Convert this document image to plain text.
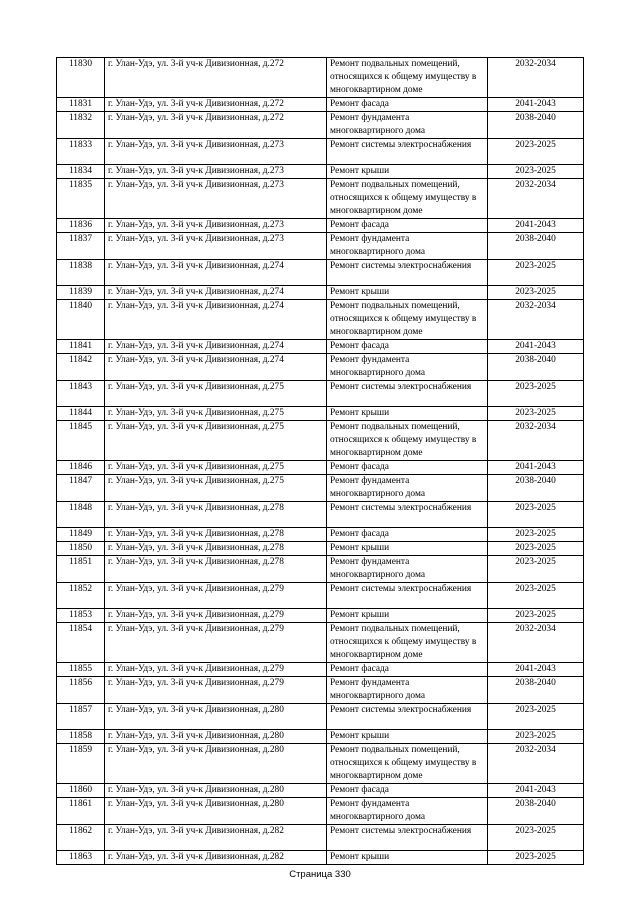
11830	г. Улан-Удэ, ул. 3-й уч-к Дивизионная, д.272	Ремонт подвальных помещений, относящихся к общему имуществу в многоквартирном доме	2032-2034
11831	г. Улан-Удэ, ул. 3-й уч-к Дивизионная, д.272	Ремонт фасада	2041-2043
11832	г. Улан-Удэ, ул. 3-й уч-к Дивизионная, д.272	Ремонт фундамента многоквартирного дома	2038-2040
11833	г. Улан-Удэ, ул. 3-й уч-к Дивизионная, д.273	Ремонт системы электроснабжения	2023-2025
11834	г. Улан-Удэ, ул. 3-й уч-к Дивизионная, д.273	Ремонт крыши	2023-2025
11835	г. Улан-Удэ, ул. 3-й уч-к Дивизионная, д.273	Ремонт подвальных помещений, относящихся к общему имуществу в многоквартирном доме	2032-2034
11836	г. Улан-Удэ, ул. 3-й уч-к Дивизионная, д.273	Ремонт фасада	2041-2043
11837	г. Улан-Удэ, ул. 3-й уч-к Дивизионная, д.273	Ремонт фундамента многоквартирного дома	2038-2040
11838	г. Улан-Удэ, ул. 3-й уч-к Дивизионная, д.274	Ремонт системы электроснабжения	2023-2025
11839	г. Улан-Удэ, ул. 3-й уч-к Дивизионная, д.274	Ремонт крыши	2023-2025
11840	г. Улан-Удэ, ул. 3-й уч-к Дивизионная, д.274	Ремонт подвальных помещений, относящихся к общему имуществу в многоквартирном доме	2032-2034
11841	г. Улан-Удэ, ул. 3-й уч-к Дивизионная, д.274	Ремонт фасада	2041-2043
11842	г. Улан-Удэ, ул. 3-й уч-к Дивизионная, д.274	Ремонт фундамента многоквартирного дома	2038-2040
11843	г. Улан-Удэ, ул. 3-й уч-к Дивизионная, д.275	Ремонт системы электроснабжения	2023-2025
11844	г. Улан-Удэ, ул. 3-й уч-к Дивизионная, д.275	Ремонт крыши	2023-2025
11845	г. Улан-Удэ, ул. 3-й уч-к Дивизионная, д.275	Ремонт подвальных помещений, относящихся к общему имуществу в многоквартирном доме	2032-2034
11846	г. Улан-Удэ, ул. 3-й уч-к Дивизионная, д.275	Ремонт фасада	2041-2043
11847	г. Улан-Удэ, ул. 3-й уч-к Дивизионная, д.275	Ремонт фундамента многоквартирного дома	2038-2040
11848	г. Улан-Удэ, ул. 3-й уч-к Дивизионная, д.278	Ремонт системы электроснабжения	2023-2025
11849	г. Улан-Удэ, ул. 3-й уч-к Дивизионная, д.278	Ремонт фасада	2023-2025
11850	г. Улан-Удэ, ул. 3-й уч-к Дивизионная, д.278	Ремонт крыши	2023-2025
11851	г. Улан-Удэ, ул. 3-й уч-к Дивизионная, д.278	Ремонт фундамента многоквартирного дома	2023-2025
11852	г. Улан-Удэ, ул. 3-й уч-к Дивизионная, д.279	Ремонт системы электроснабжения	2023-2025
11853	г. Улан-Удэ, ул. 3-й уч-к Дивизионная, д.279	Ремонт крыши	2023-2025
11854	г. Улан-Удэ, ул. 3-й уч-к Дивизионная, д.279	Ремонт подвальных помещений, относящихся к общему имуществу в многоквартирном доме	2032-2034
11855	г. Улан-Удэ, ул. 3-й уч-к Дивизионная, д.279	Ремонт фасада	2041-2043
11856	г. Улан-Удэ, ул. 3-й уч-к Дивизионная, д.279	Ремонт фундамента многоквартирного дома	2038-2040
11857	г. Улан-Удэ, ул. 3-й уч-к Дивизионная, д.280	Ремонт системы электроснабжения	2023-2025
11858	г. Улан-Удэ, ул. 3-й уч-к Дивизионная, д.280	Ремонт крыши	2023-2025
11859	г. Улан-Удэ, ул. 3-й уч-к Дивизионная, д.280	Ремонт подвальных помещений, относящихся к общему имуществу в многоквартирном доме	2032-2034
11860	г. Улан-Удэ, ул. 3-й уч-к Дивизионная, д.280	Ремонт фасада	2041-2043
11861	г. Улан-Удэ, ул. 3-й уч-к Дивизионная, д.280	Ремонт фундамента многоквартирного дома	2038-2040
11862	г. Улан-Удэ, ул. 3-й уч-к Дивизионная, д.282	Ремонт системы электроснабжения	2023-2025
11863	г. Улан-Удэ, ул. 3-й уч-к Дивизионная, д.282	Ремонт крыши	2023-2025
Страница 330
